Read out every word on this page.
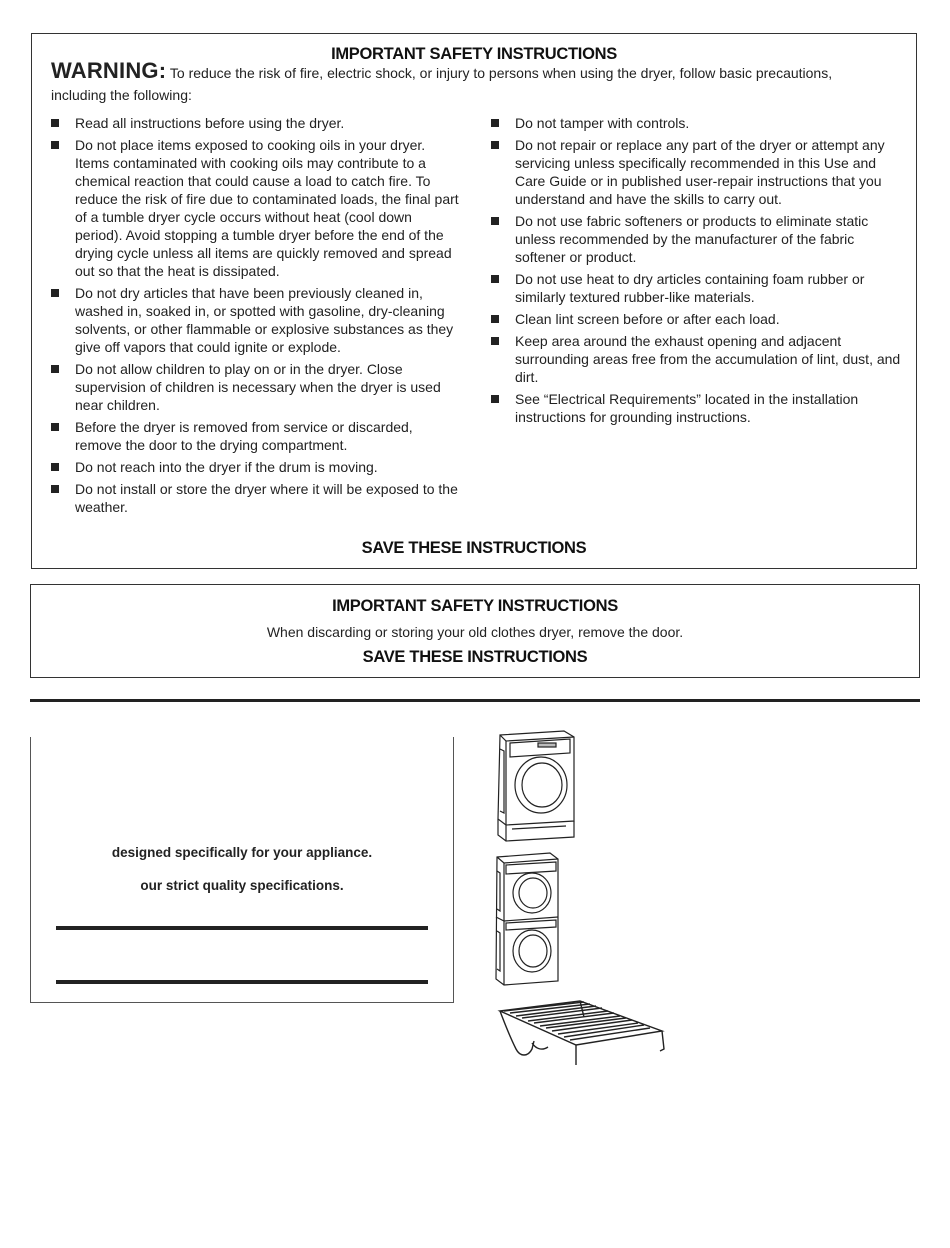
IMPORTANT SAFETY INSTRUCTIONS
WARNING: To reduce the risk of fire, electric shock, or injury to persons when using the dryer, follow basic precautions,
including the following:
Read all instructions before using the dryer.
Do not place items exposed to cooking oils in your dryer. Items contaminated with cooking oils may contribute to a chemical reaction that could cause a load to catch fire. To reduce the risk of fire due to contaminated loads, the final part of a tumble dryer cycle occurs without heat (cool down period). Avoid stopping a tumble dryer before the end of the drying cycle unless all items are quickly removed and spread out so that the heat is dissipated.
Do not dry articles that have been previously cleaned in, washed in, soaked in, or spotted with gasoline, dry-cleaning solvents, or other flammable or explosive substances as they give off vapors that could ignite or explode.
Do not allow children to play on or in the dryer. Close supervision of children is necessary when the dryer is used near children.
Before the dryer is removed from service or discarded, remove the door to the drying compartment.
Do not reach into the dryer if the drum is moving.
Do not install or store the dryer where it will be exposed to the weather.
Do not tamper with controls.
Do not repair or replace any part of the dryer or attempt any servicing unless specifically recommended in this Use and Care Guide or in published user-repair instructions that you understand and have the skills to carry out.
Do not use fabric softeners or products to eliminate static unless recommended by the manufacturer of the fabric softener or product.
Do not use heat to dry articles containing foam rubber or similarly textured rubber-like materials.
Clean lint screen before or after each load.
Keep area around the exhaust opening and adjacent surrounding areas free from the accumulation of lint, dust, and dirt.
See “Electrical Requirements” located in the installation instructions for grounding instructions.
SAVE THESE INSTRUCTIONS
IMPORTANT SAFETY INSTRUCTIONS
When discarding or storing your old clothes dryer, remove the door.
SAVE THESE INSTRUCTIONS
designed specifically for your appliance.
our strict quality specifications.
